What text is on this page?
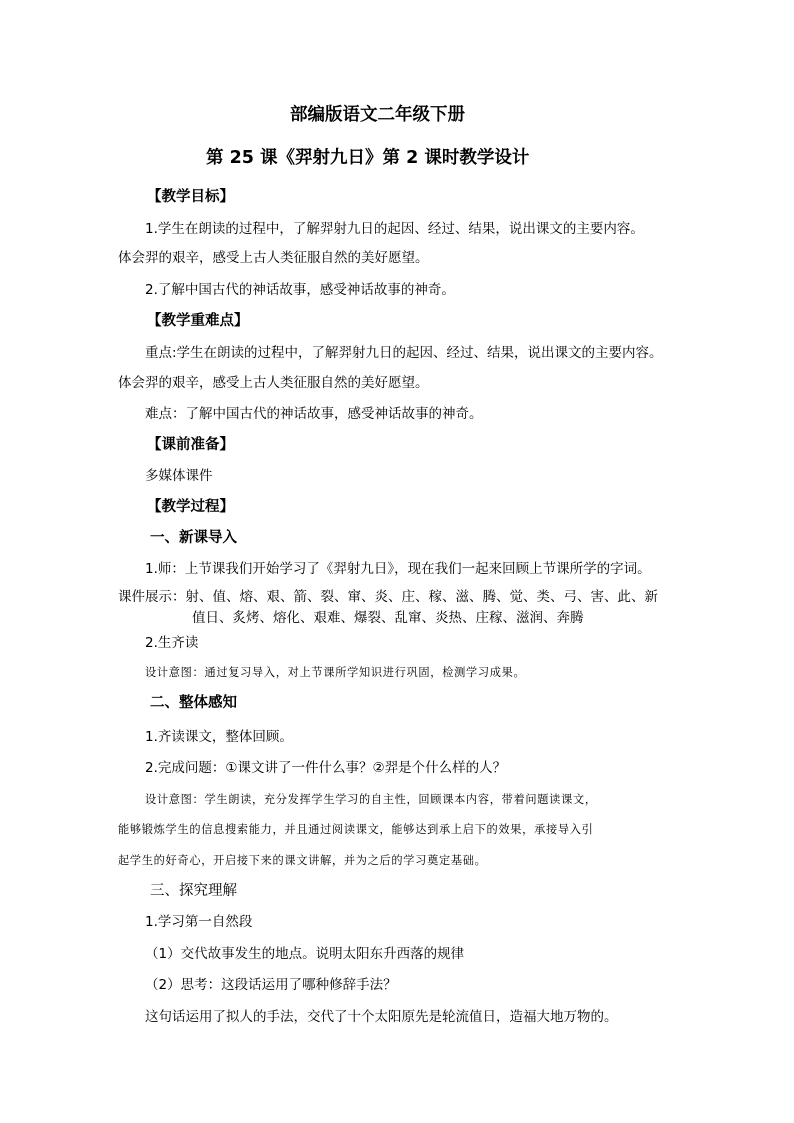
部编版语文二年级下册
第 25 课《羿射九日》第 2 课时教学设计
【教学目标】
1.学生在朗读的过程中，了解羿射九日的起因、经过、结果，说出课文的主要内容。
体会羿的艰辛，感受上古人类征服自然的美好愿望。
2.了解中国古代的神话故事，感受神话故事的神奇。
【教学重难点】
重点:学生在朗读的过程中，了解羿射九日的起因、经过、结果，说出课文的主要内容。
体会羿的艰辛，感受上古人类征服自然的美好愿望。
难点：了解中国古代的神话故事，感受神话故事的神奇。
【课前准备】
多媒体课件
【教学过程】
一、新课导入
1.师：上节课我们开始学习了《羿射九日》，现在我们一起来回顾上节课所学的字词。
课件展示：射、值、熔、艰、箭、裂、窜、炎、庄、稼、滋、腾、觉、类、弓、害、此、新
值日、炙烤、熔化、艰难、爆裂、乱窜、炎热、庄稼、滋润、奔腾
2.生齐读
设计意图：通过复习导入，对上节课所学知识进行巩固，检测学习成果。
二、整体感知
1.齐读课文，整体回顾。
2.完成问题：①课文讲了一件什么事？②羿是个什么样的人？
设计意图：学生朗读，充分发挥学生学习的自主性，回顾课本内容，带着问题读课文，
能够锻炼学生的信息搜索能力，并且通过阅读课文，能够达到承上启下的效果，承接导入引
起学生的好奇心，开启接下来的课文讲解，并为之后的学习奠定基础。
三、探究理解
1.学习第一自然段
（1）交代故事发生的地点。说明太阳东升西落的规律
（2）思考：这段话运用了哪种修辞手法？
这句话运用了拟人的手法，交代了十个太阳原先是轮流值日，造福大地万物的。
